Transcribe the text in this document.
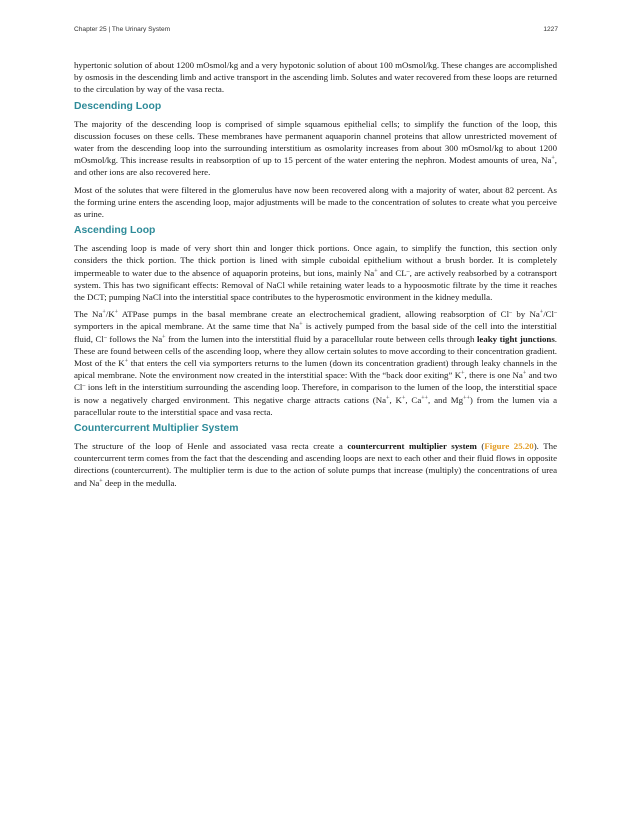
Chapter 25 | The Urinary System	1227

hypertonic solution of about 1200 mOsmol/kg and a very hypotonic solution of about 100 mOsmol/kg. These changes are accomplished by osmosis in the descending limb and active transport in the ascending limb. Solutes and water recovered from these loops are returned to the circulation by way of the vasa recta.

Descending Loop

The majority of the descending loop is comprised of simple squamous epithelial cells; to simplify the function of the loop, this discussion focuses on these cells. These membranes have permanent aquaporin channel proteins that allow unrestricted movement of water from the descending loop into the surrounding interstitium as osmolarity increases from about 300 mOsmol/kg to about 1200 mOsmol/kg. This increase results in reabsorption of up to 15 percent of the water entering the nephron. Modest amounts of urea, Na+, and other ions are also recovered here.

Most of the solutes that were filtered in the glomerulus have now been recovered along with a majority of water, about 82 percent. As the forming urine enters the ascending loop, major adjustments will be made to the concentration of solutes to create what you perceive as urine.

Ascending Loop

The ascending loop is made of very short thin and longer thick portions. Once again, to simplify the function, this section only considers the thick portion. The thick portion is lined with simple cuboidal epithelium without a brush border. It is completely impermeable to water due to the absence of aquaporin proteins, but ions, mainly Na+ and CL–, are actively reabsorbed by a cotransport system. This has two significant effects: Removal of NaCl while retaining water leads to a hypoosmotic filtrate by the time it reaches the DCT; pumping NaCl into the interstitial space contributes to the hyperosmotic environment in the kidney medulla.

The Na+/K+ ATPase pumps in the basal membrane create an electrochemical gradient, allowing reabsorption of Cl– by Na+/Cl– symporters in the apical membrane. At the same time that Na+ is actively pumped from the basal side of the cell into the interstitial fluid, Cl– follows the Na+ from the lumen into the interstitial fluid by a paracellular route between cells through leaky tight junctions. These are found between cells of the ascending loop, where they allow certain solutes to move according to their concentration gradient. Most of the K+ that enters the cell via symporters returns to the lumen (down its concentration gradient) through leaky channels in the apical membrane. Note the environment now created in the interstitial space: With the “back door exiting” K+, there is one Na+ and two Cl– ions left in the interstitium surrounding the ascending loop. Therefore, in comparison to the lumen of the loop, the interstitial space is now a negatively charged environment. This negative charge attracts cations (Na+, K+, Ca++, and Mg++) from the lumen via a paracellular route to the interstitial space and vasa recta.

Countercurrent Multiplier System

The structure of the loop of Henle and associated vasa recta create a countercurrent multiplier system (Figure 25.20). The countercurrent term comes from the fact that the descending and ascending loops are next to each other and their fluid flows in opposite directions (countercurrent). The multiplier term is due to the action of solute pumps that increase (multiply) the concentrations of urea and Na+ deep in the medulla.
